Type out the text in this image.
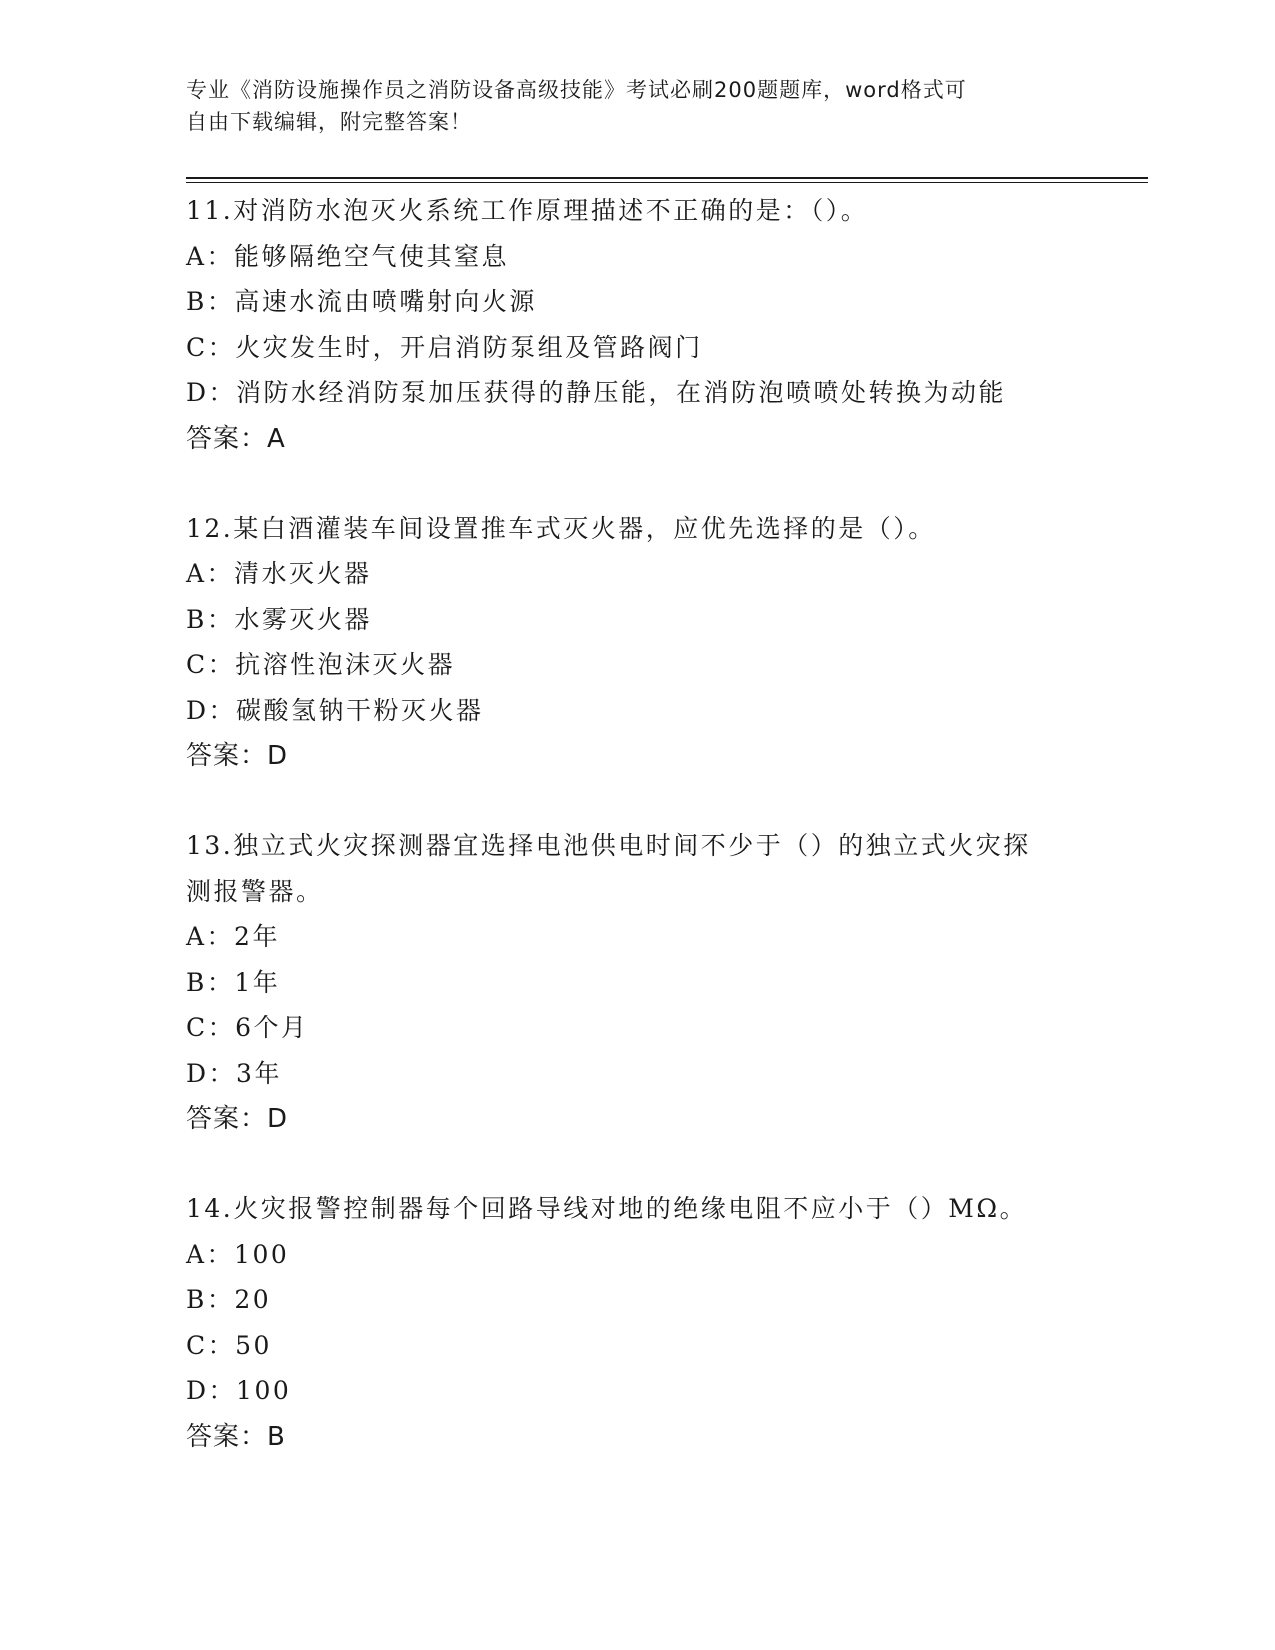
专业《消防设施操作员之消防设备高级技能》考试必刷200题题库，word格式可
自由下载编辑，附完整答案！
11.对消防水泡灭火系统工作原理描述不正确的是：（）。
A：能够隔绝空气使其窒息
B：高速水流由喷嘴射向火源
C：火灾发生时，开启消防泵组及管路阀门
D：消防水经消防泵加压获得的静压能，在消防泡喷喷处转换为动能
答案：A
12.某白酒灌装车间设置推车式灭火器，应优先选择的是（）。
A：清水灭火器
B：水雾灭火器
C：抗溶性泡沫灭火器
D：碳酸氢钠干粉灭火器
答案：D
13.独立式火灾探测器宜选择电池供电时间不少于（）的独立式火灾探
测报警器。
A：2年
B：1年
C：6个月
D：3年
答案：D
14.火灾报警控制器每个回路导线对地的绝缘电阻不应小于（）MΩ。
A：100
B：20
C：50
D：100
答案：B
